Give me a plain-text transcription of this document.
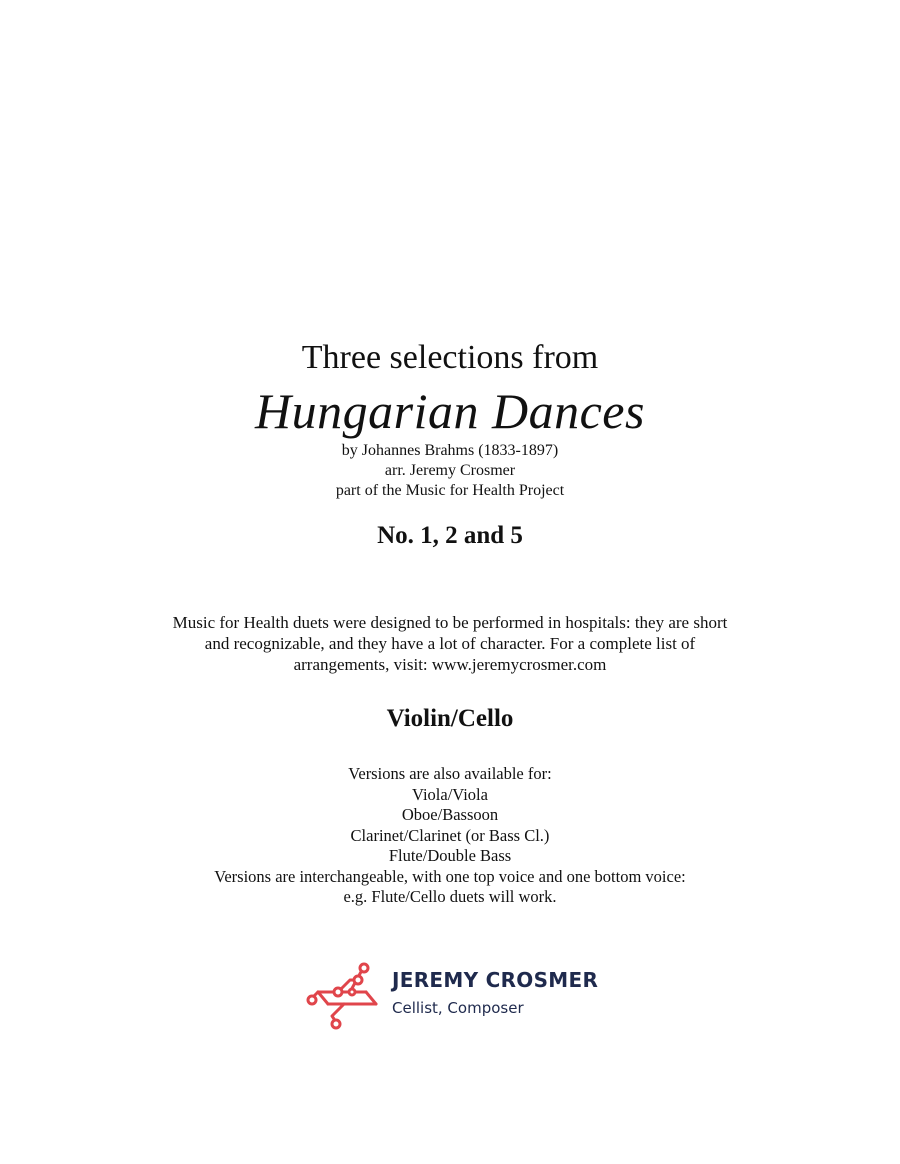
Three selections from
Hungarian Dances
by Johannes Brahms (1833-1897)
arr. Jeremy Crosmer
part of the Music for Health Project
No. 1, 2 and 5
Music for Health duets were designed to be performed in hospitals: they are short
and recognizable, and they have a lot of character. For a complete list of
arrangements, visit: www.jeremycrosmer.com
Violin/Cello
Versions are also available for:
Viola/Viola
Oboe/Bassoon
Clarinet/Clarinet (or Bass Cl.)
Flute/Double Bass
Versions are interchangeable, with one top voice and one bottom voice:
e.g. Flute/Cello duets will work.
JEREMY CROSMER
Cellist, Composer
